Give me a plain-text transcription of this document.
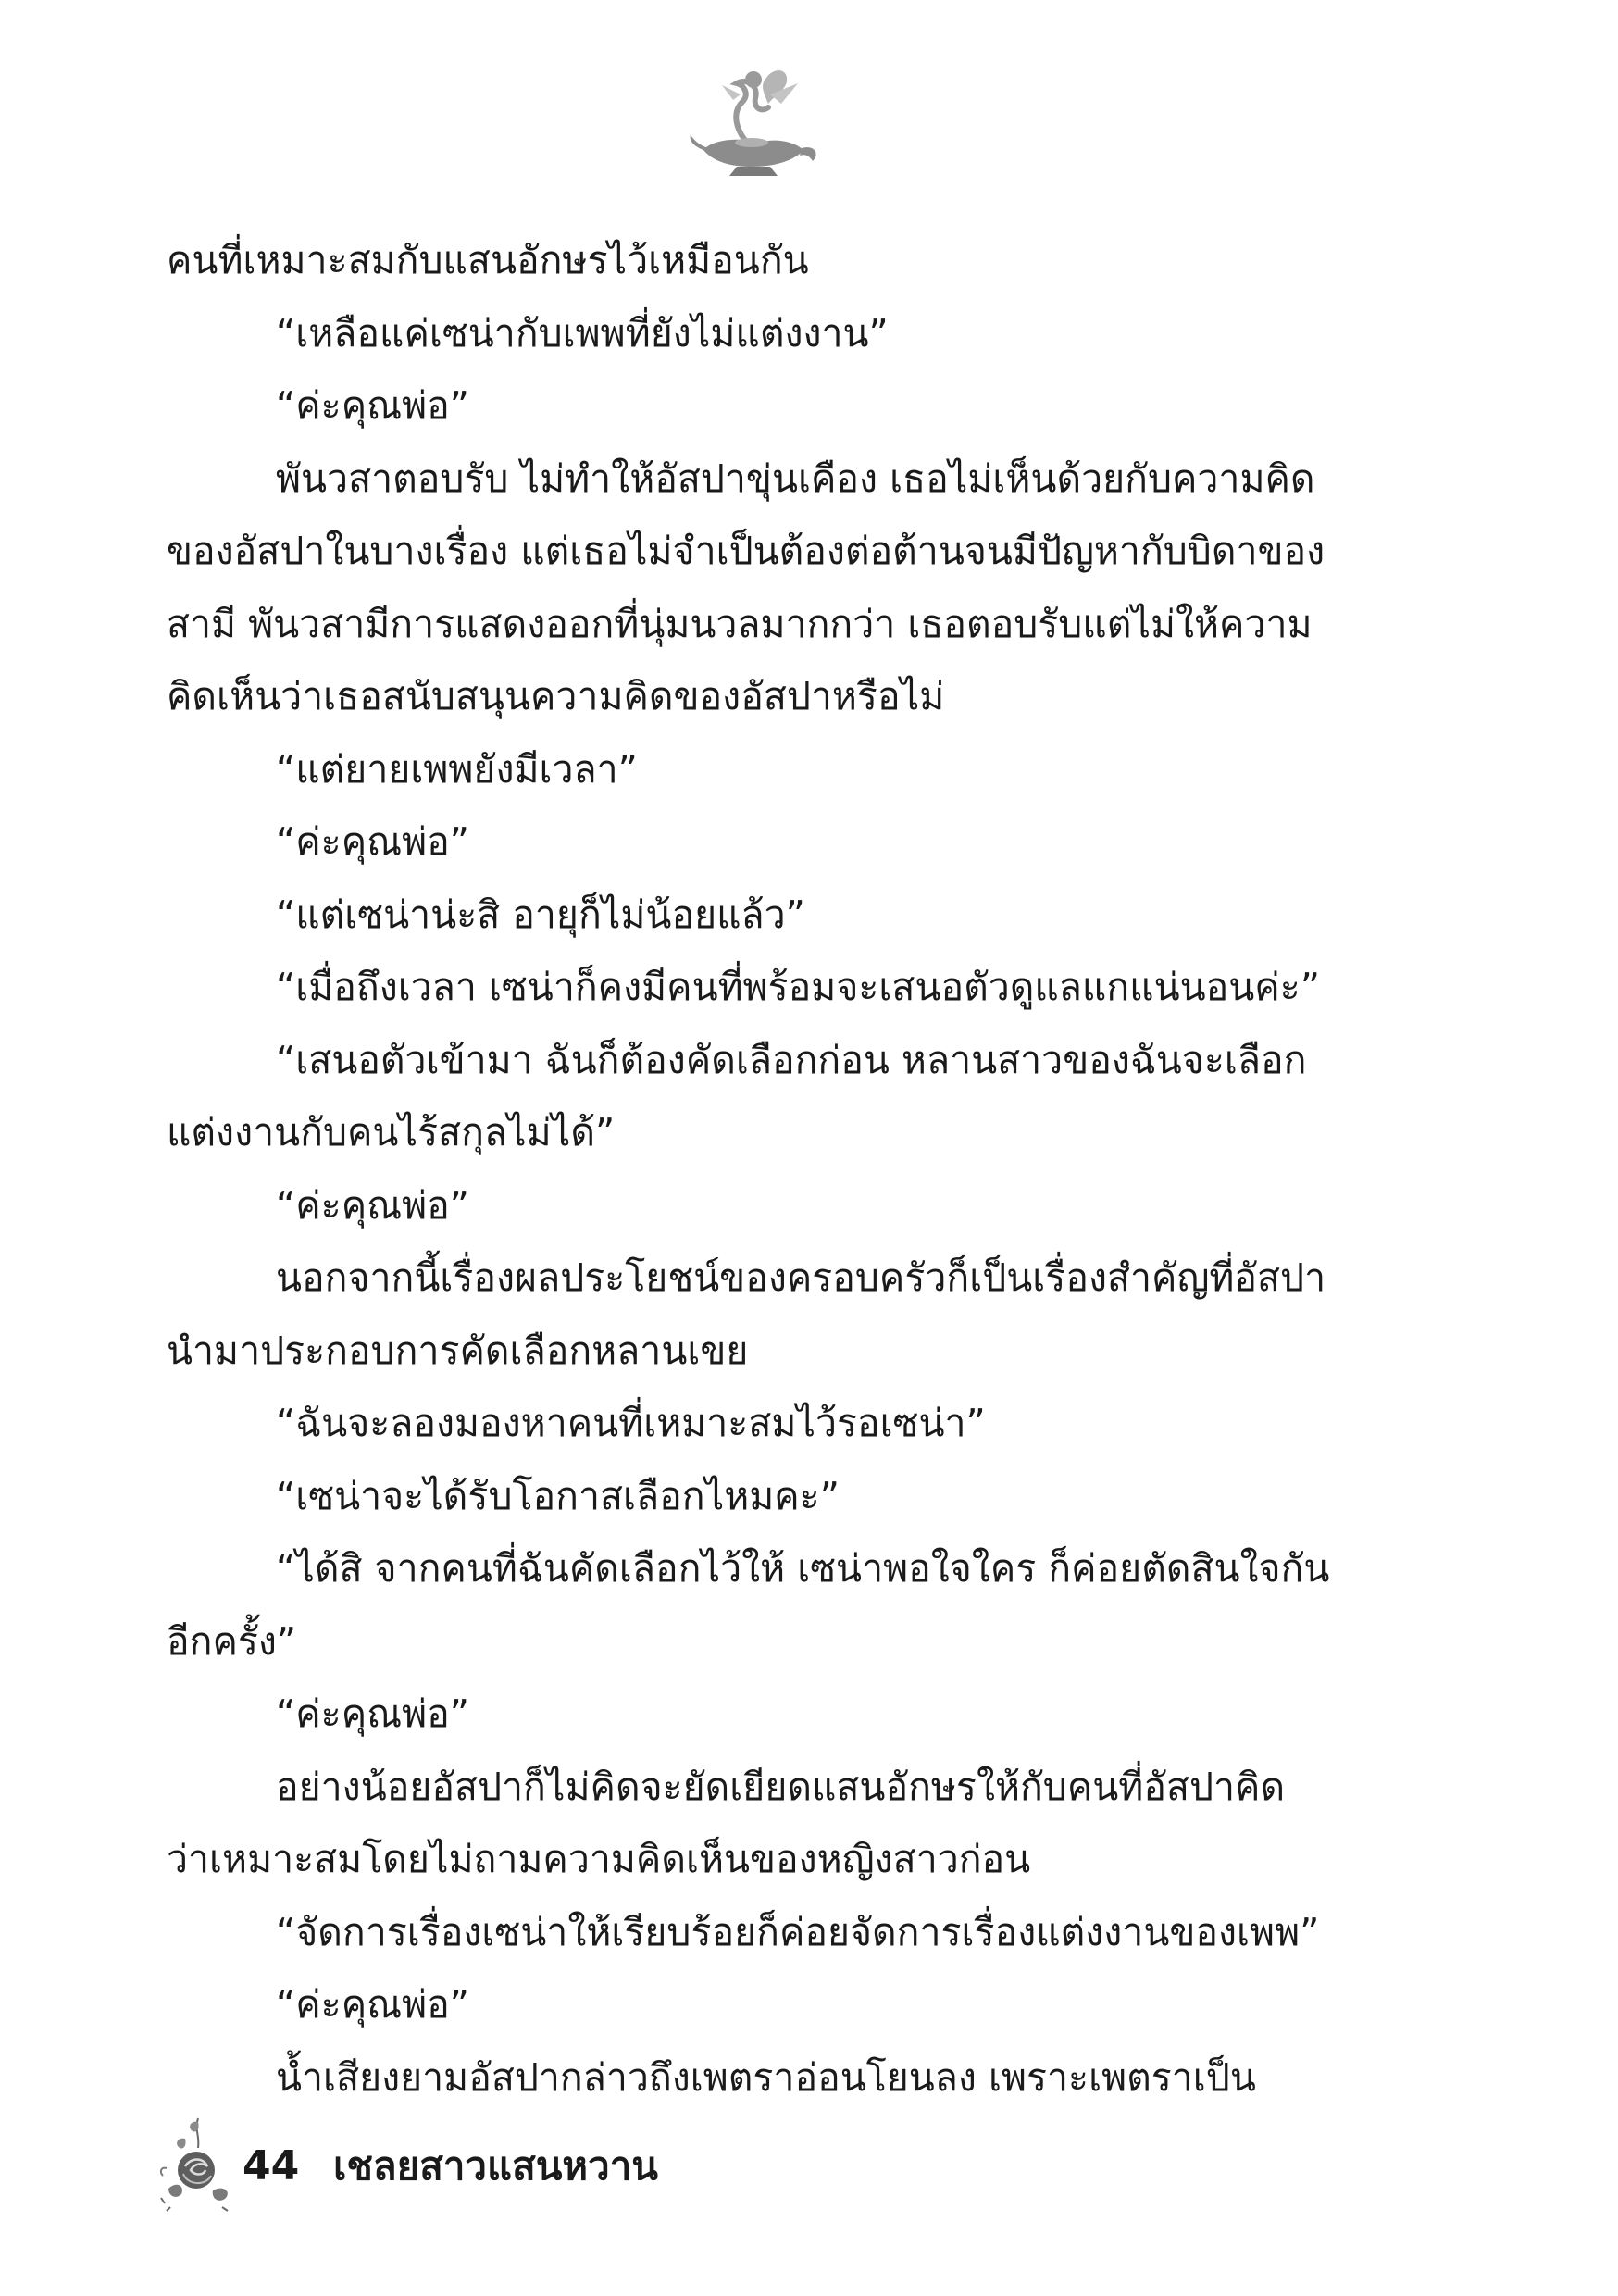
คนที่เหมาะสมกับแสนอักษรไว้เหมือนกัน
“เหลือแค่เซน่ากับเพพที่ยังไม่แต่งงาน”
“ค่ะคุณพ่อ”
พันวสาตอบรับ ไม่ทำให้อัสปาขุ่นเคือง เธอไม่เห็นด้วยกับความคิด
ของอัสปาในบางเรื่อง แต่เธอไม่จำเป็นต้องต่อต้านจนมีปัญหากับบิดาของ
สามี พันวสามีการแสดงออกที่นุ่มนวลมากกว่า เธอตอบรับแต่ไม่ให้ความ
คิดเห็นว่าเธอสนับสนุนความคิดของอัสปาหรือไม่
“แต่ยายเพพยังมีเวลา”
“ค่ะคุณพ่อ”
“แต่เซน่าน่ะสิ อายุก็ไม่น้อยแล้ว”
“เมื่อถึงเวลา เซน่าก็คงมีคนที่พร้อมจะเสนอตัวดูแลแกแน่นอนค่ะ”
“เสนอตัวเข้ามา ฉันก็ต้องคัดเลือกก่อน หลานสาวของฉันจะเลือก
แต่งงานกับคนไร้สกุลไม่ได้”
“ค่ะคุณพ่อ”
นอกจากนี้เรื่องผลประโยชน์ของครอบครัวก็เป็นเรื่องสำคัญที่อัสปา
นำมาประกอบการคัดเลือกหลานเขย
“ฉันจะลองมองหาคนที่เหมาะสมไว้รอเซน่า”
“เซน่าจะได้รับโอกาสเลือกไหมคะ”
“ได้สิ จากคนที่ฉันคัดเลือกไว้ให้ เซน่าพอใจใคร ก็ค่อยตัดสินใจกัน
อีกครั้ง”
“ค่ะคุณพ่อ”
อย่างน้อยอัสปาก็ไม่คิดจะยัดเยียดแสนอักษรให้กับคนที่อัสปาคิด
ว่าเหมาะสมโดยไม่ถามความคิดเห็นของหญิงสาวก่อน
“จัดการเรื่องเซน่าให้เรียบร้อยก็ค่อยจัดการเรื่องแต่งงานของเพพ”
“ค่ะคุณพ่อ”
น้ำเสียงยามอัสปากล่าวถึงเพตราอ่อนโยนลง เพราะเพตราเป็น
44 เชลยสาวแสนหวาน
